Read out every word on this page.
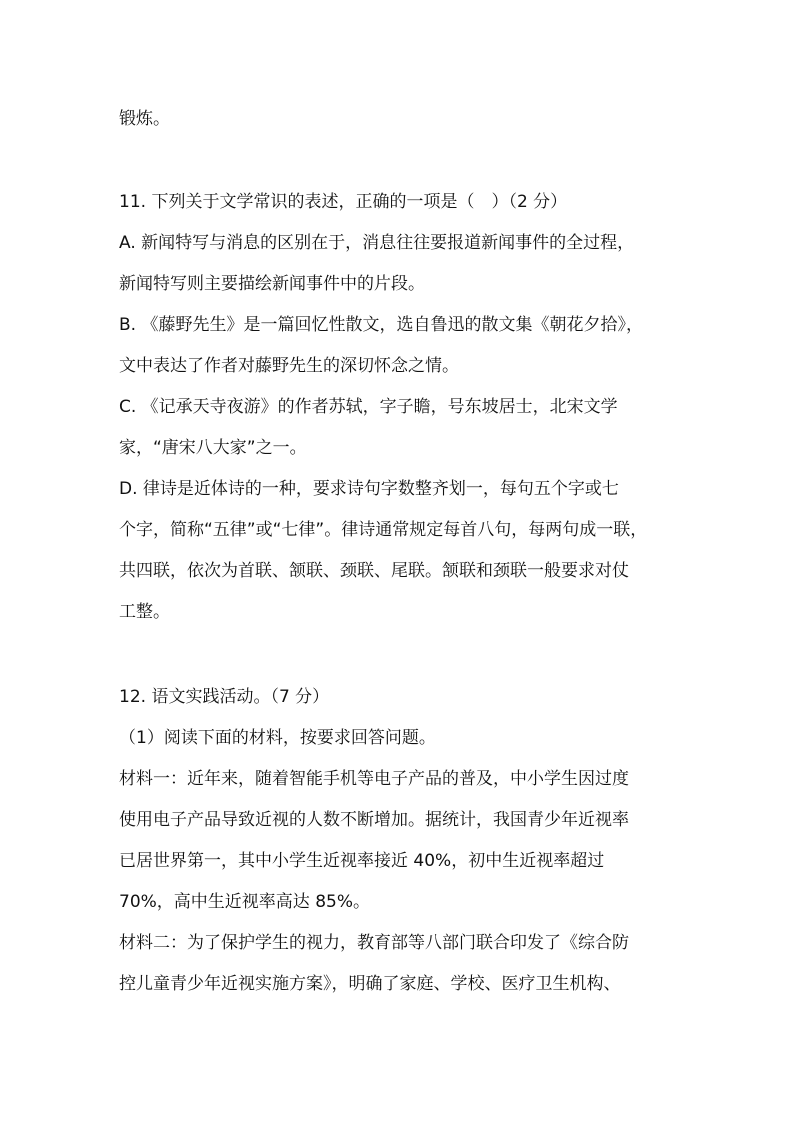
锻炼。
11. 下列关于文学常识的表述，正确的一项是（　）（2 分）
A. 新闻特写与消息的区别在于，消息往往要报道新闻事件的全过程，
新闻特写则主要描绘新闻事件中的片段。
B. 《藤野先生》是一篇回忆性散文，选自鲁迅的散文集《朝花夕拾》，
文中表达了作者对藤野先生的深切怀念之情。
C. 《记承天寺夜游》的作者苏轼，字子瞻，号东坡居士，北宋文学
家，“唐宋八大家”之一。
D. 律诗是近体诗的一种，要求诗句字数整齐划一，每句五个字或七
个字，简称“五律”或“七律”。律诗通常规定每首八句，每两句成一联，
共四联，依次为首联、颔联、颈联、尾联。颔联和颈联一般要求对仗
工整。
12. 语文实践活动。（7 分）
（1）阅读下面的材料，按要求回答问题。
材料一：近年来，随着智能手机等电子产品的普及，中小学生因过度
使用电子产品导致近视的人数不断增加。据统计，我国青少年近视率
已居世界第一，其中小学生近视率接近 40%，初中生近视率超过
70%，高中生近视率高达 85%。
材料二：为了保护学生的视力，教育部等八部门联合印发了《综合防
控儿童青少年近视实施方案》，明确了家庭、学校、医疗卫生机构、
